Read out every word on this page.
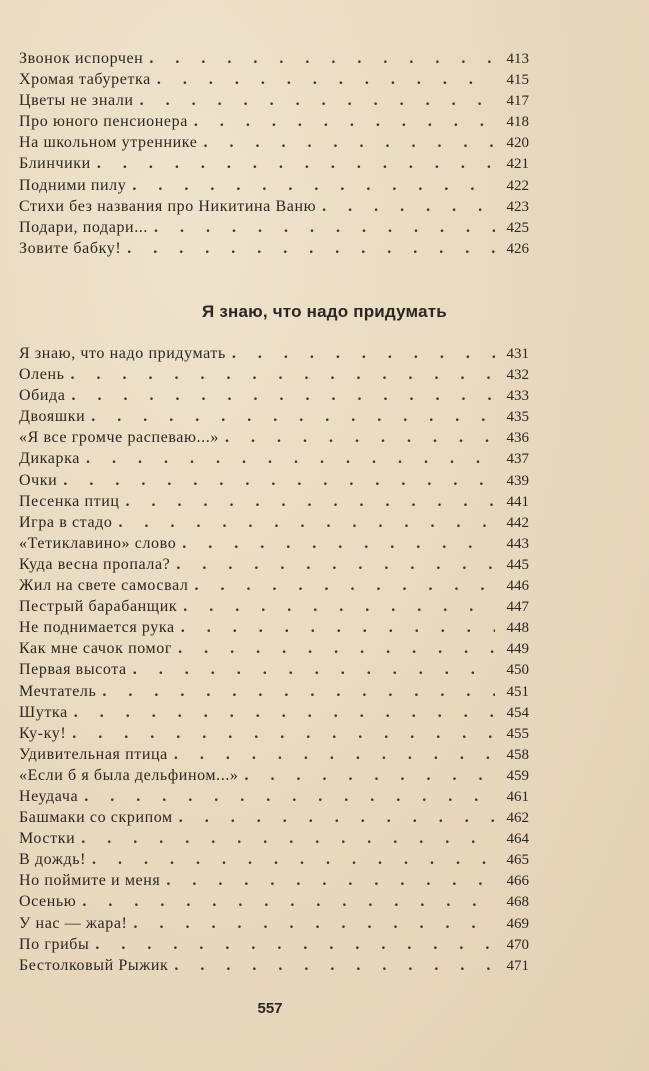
Звонок испорчен . . .	413
Хромая табуретка . . .	415
Цветы не знали . . .	417
Про юного пенсионера . . .	418
На школьном утреннике . . .	420
Блинчики . . .	421
Подними пилу . . .	422
Стихи без названия про Никитина Ваню . . .	423
Подари, подари... . . .	425
Зовите бабку! . . .	426
Я знаю, что надо придумать
Я знаю, что надо придумать . . .	431
Олень . . .	432
Обида . . .	433
Двояшки . . .	435
«Я все громче распеваю...» . . .	436
Дикарка . . .	437
Очки . . .	439
Песенка птиц . . .	441
Игра в стадо . . .	442
«Тетиклавино» слово . . .	443
Куда весна пропала? . . .	445
Жил на свете самосвал . . .	446
Пестрый барабанщик . . .	447
Не поднимается рука . . .	448
Как мне сачок помог . . .	449
Первая высота . . .	450
Мечтатель . . .	451
Шутка . . .	454
Ку-ку! . . .	455
Удивительная птица . . .	458
«Если б я была дельфином...» . . .	459
Неудача . . .	461
Башмаки со скрипом . . .	462
Мостки . . .	464
В дождь! . . .	465
Но поймите и меня . . .	466
Осенью . . .	468
У нас — жара! . . .	469
По грибы . . .	470
Бестолковый Рыжик . . .	471

557
